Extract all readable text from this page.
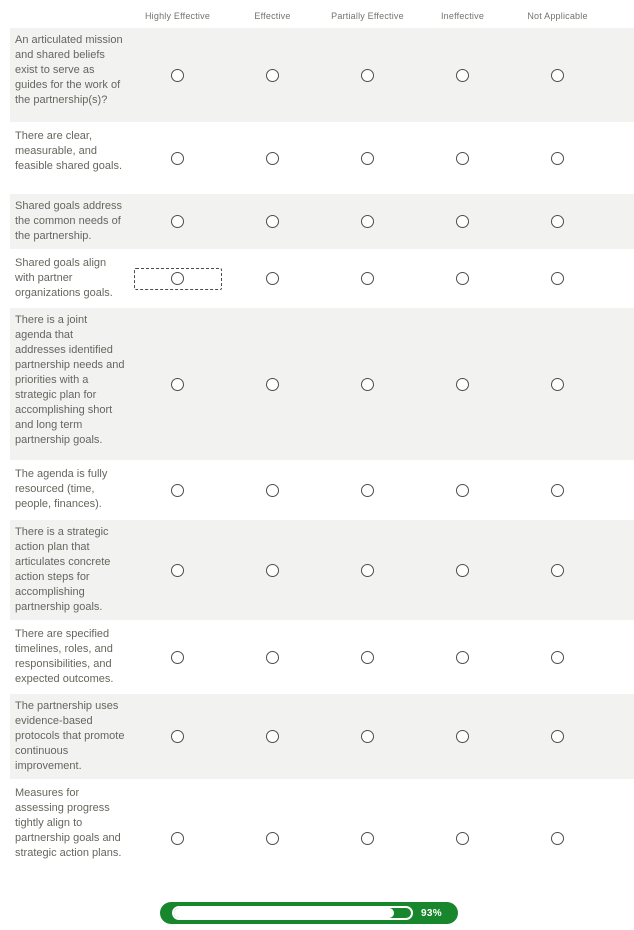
Highly Effective	Effective	Partially Effective	Ineffective	Not Applicable
An articulated mission and shared beliefs exist to serve as guides for the work of the partnership(s)?
There are clear, measurable, and feasible shared goals.
Shared goals address the common needs of the partnership.
Shared goals align with partner organizations goals.
There is a joint agenda that addresses identified partnership needs and priorities with a strategic plan for accomplishing short and long term partnership goals.
The agenda is fully resourced (time, people, finances).
There is a strategic action plan that articulates concrete action steps for accomplishing partnership goals.
There are specified timelines, roles, and responsibilities, and expected outcomes.
The partnership uses evidence-based protocols that promote continuous improvement.
Measures for assessing progress tightly align to partnership goals and strategic action plans.
93%
